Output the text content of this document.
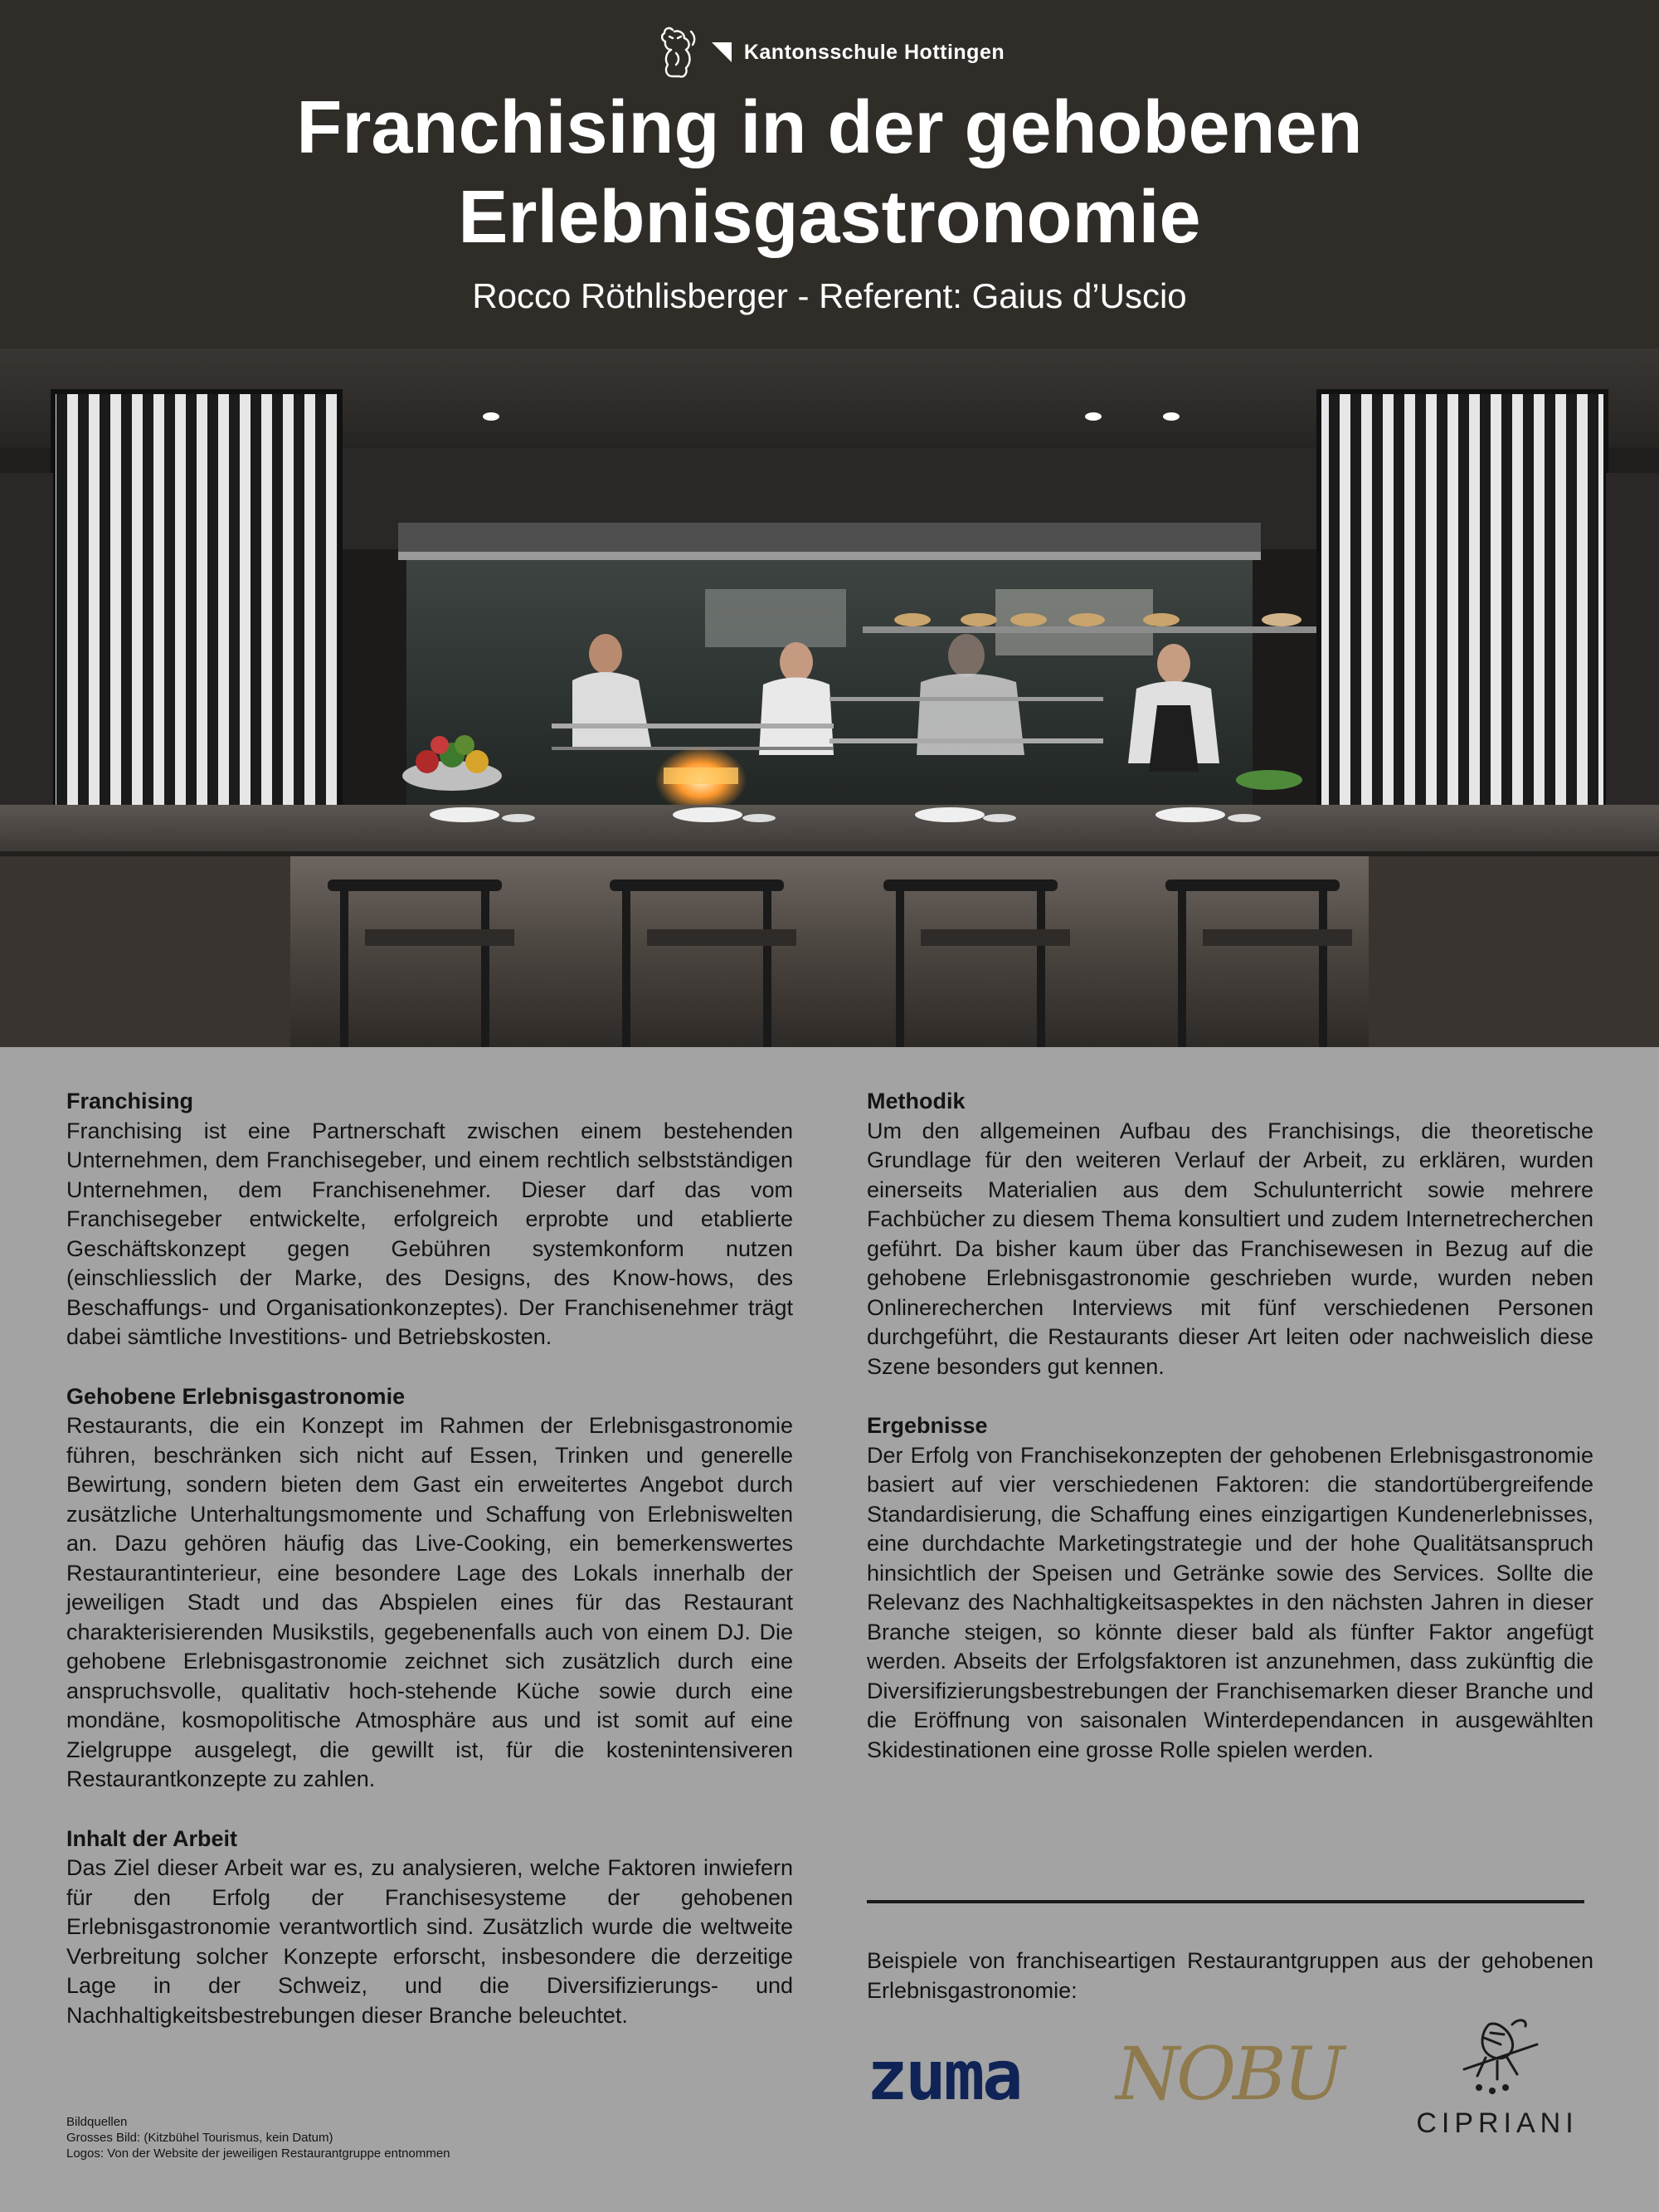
Kantonsschule Hottingen
Franchising in der gehobenen
Erlebnisgastronomie
Rocco Röthlisberger - Referent: Gaius d’Uscio
Franchising

Franchising ist eine Partnerschaft zwischen einem bestehenden Unternehmen, dem Franchisegeber, und einem rechtlich selbstständigen Unternehmen, dem Franchisenehmer. Dieser darf das vom Franchisegeber entwickelte, erfolgreich erprobte und etablierte Geschäftskonzept gegen Gebühren systemkonform nutzen (einschliesslich der Marke, des Designs, des Know-hows, des Beschaffungs- und Organisationkonzeptes). Der Franchisenehmer trägt dabei sämtliche Investitions- und Betriebskosten.

Gehobene Erlebnisgastronomie

Restaurants, die ein Konzept im Rahmen der Erlebnisgastronomie führen, beschränken sich nicht auf Essen, Trinken und generelle Bewirtung, sondern bieten dem Gast ein erweitertes Angebot durch zusätzliche Unterhaltungsmomente und Schaffung von Erlebniswelten an. Dazu gehören häufig das Live-Cooking, ein bemerkenswertes Restaurantinterieur, eine besondere Lage des Lokals innerhalb der jeweiligen Stadt und das Abspielen eines für das Restaurant charakterisierenden Musikstils, gegebenenfalls auch von einem DJ. Die gehobene Erlebnisgastronomie zeichnet sich zusätzlich durch eine anspruchsvolle, qualitativ hoch-stehende Küche sowie durch eine mondäne, kosmopolitische Atmosphäre aus und ist somit auf eine Zielgruppe ausgelegt, die gewillt ist, für die kostenintensiveren Restaurantkonzepte zu zahlen.

Inhalt der Arbeit

Das Ziel dieser Arbeit war es, zu analysieren, welche Faktoren inwiefern für den Erfolg der Franchisesysteme der gehobenen Erlebnisgastronomie verantwortlich sind. Zusätzlich wurde die weltweite Verbreitung solcher Konzepte erforscht, insbesondere die derzeitige Lage in der Schweiz, und die Diversifizierungs- und Nachhaltigkeitsbestrebungen dieser Branche beleuchtet.

Methodik

Um den allgemeinen Aufbau des Franchisings, die theoretische Grundlage für den weiteren Verlauf der Arbeit, zu erklären, wurden einerseits Materialien aus dem Schulunterricht sowie mehrere Fachbücher zu diesem Thema konsultiert und zudem Internetrecherchen geführt. Da bisher kaum über das Franchisewesen in Bezug auf die gehobene Erlebnisgastronomie geschrieben wurde, wurden neben Onlinerecherchen Interviews mit fünf verschiedenen Personen durchgeführt, die Restaurants dieser Art leiten oder nachweislich diese Szene besonders gut kennen.

Ergebnisse

Der Erfolg von Franchisekonzepten der gehobenen Erlebnisgastronomie basiert auf vier verschiedenen Faktoren: die standortübergreifende Standardisierung, die Schaffung eines einzigartigen Kundenerlebnisses, eine durchdachte Marketingstrategie und der hohe Qualitätsanspruch hinsichtlich der Speisen und Getränke sowie des Services. Sollte die Relevanz des Nachhaltigkeitsaspektes in den nächsten Jahren in dieser Branche steigen, so könnte dieser bald als fünfter Faktor angefügt werden. Abseits der Erfolgsfaktoren ist anzunehmen, dass zukünftig die Diversifizierungsbestrebungen der Franchisemarken dieser Branche und die Eröffnung von saisonalen Winterdependancen in ausgewählten Skidestinationen eine grosse Rolle spielen werden.

Beispiele von franchiseartigen Restaurantgruppen aus der gehobenen Erlebnisgastronomie:

zuma NOBU
CIPRIANI
Bildquellen
Grosses Bild: (Kitzbühel Tourismus, kein Datum)
Logos: Von der Website der jeweiligen Restaurantgruppe entnommen
